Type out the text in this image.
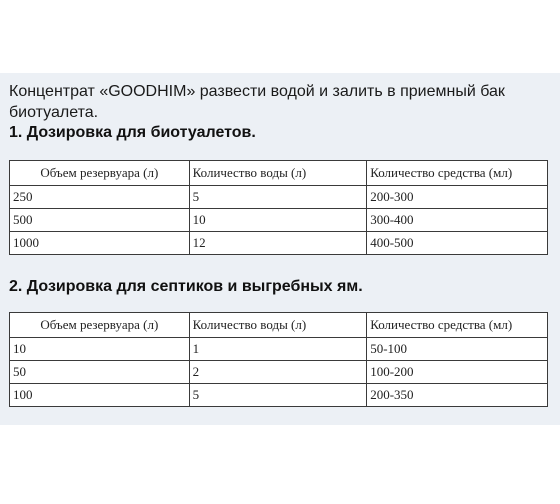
Концентрат «GOODHIM» развести водой и залить в приемный бак биотуалета.
1. Дозировка для биотуалетов.
Объем резервуара (л)	Количество воды (л)	Количество средства (мл)
250	5	200-300
500	10	300-400
1000	12	400-500
2. Дозировка для септиков и выгребных ям.
Объем резервуара (л)	Количество воды (л)	Количество средства (мл)
10	1	50-100
50	2	100-200
100	5	200-350
